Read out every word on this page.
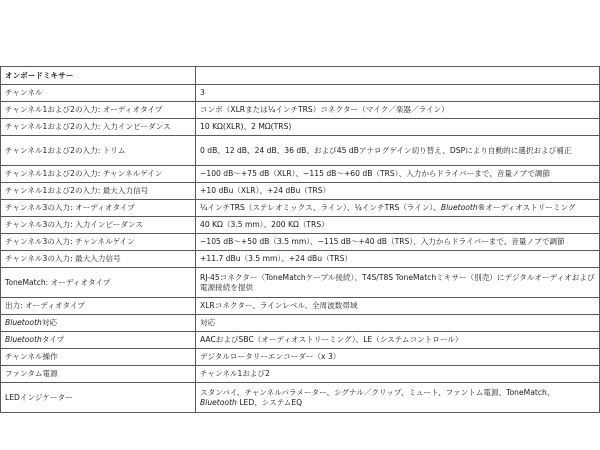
オンボードミキサー	
チャンネル	3
チャンネル1および2の入力: オーディオタイプ	コンボ（XLRまたは¼インチTRS）コネクター（マイク／楽器／ライン）
チャンネル1および2の入力: 入力インピーダンス	10 KΩ(XLR)、2 MΩ(TRS)
チャンネル1および2の入力: トリム	0 dB、12 dB、24 dB、36 dB、および45 dBアナログゲイン切り替え、DSPにより自動的に選択および補正
チャンネル1および2の入力: チャンネルゲイン	−100 dB〜+75 dB（XLR）、−115 dB〜+60 dB（TRS）、入力からドライバーまで、音量ノブで調節
チャンネル1および2の入力: 最大入力信号	+10 dBu（XLR）、+24 dBu（TRS）
チャンネル3の入力: オーディオタイプ	¼インチTRS（ステレオミックス、ライン）、¼インチTRS（ライン）、Bluetooth®オーディオストリーミング
チャンネル3の入力: 入力インピーダンス	40 KΩ（3.5 mm）、200 KΩ（TRS）
チャンネル3の入力: チャンネルゲイン	−105 dB〜+50 dB（3.5 mm）、−115 dB〜+40 dB（TRS）、入力からドライバーまで、音量ノブで調節
チャンネル3の入力: 最大入力信号	+11.7 dBu（3.5 mm）、+24 dBu（TRS）
ToneMatch: オーディオタイプ	RJ-45コネクター（ToneMatchケーブル接続）、T4S/T8S ToneMatchミキサー（別売）にデジタルオーディオおよび電源接続を提供
出力: オーディオタイプ	XLRコネクター、ラインレベル、全周波数帯域
Bluetooth対応	対応
Bluetoothタイプ	AACおよびSBC（オーディオストリーミング）、LE（システムコントロール）
チャンネル操作	デジタルロータリーエンコーダー（x 3）
ファンタム電源	チャンネル1および2
LEDインジケーター	スタンバイ、チャンネルパラメーター、シグナル／クリップ、ミュート、ファントム電源、ToneMatch、
Bluetooth LED、システムEQ
